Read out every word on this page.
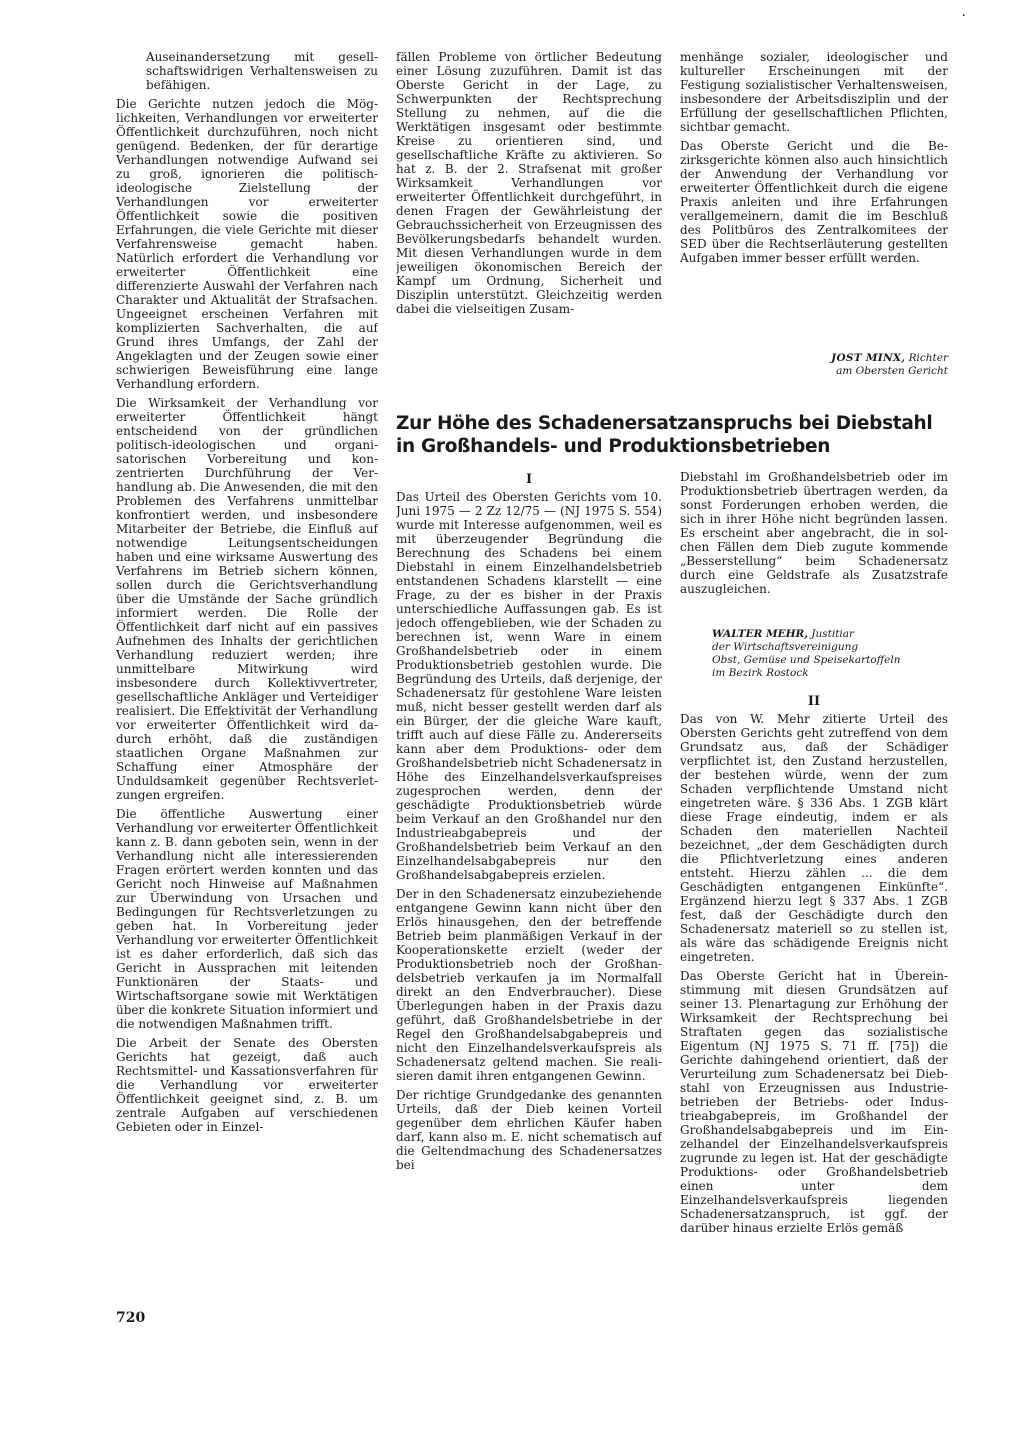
·

Auseinandersetzung mit gesellschaftswidrigen Verhaltensweisen zu befähigen.

Die Gerichte nutzen jedoch die Möglichkeiten, Verhandlungen vor erweiterter Öffentlichkeit durchzuführen, noch nicht genügend. Bedenken, der für derartige Verhandlungen notwendige Aufwand sei zu groß, ignorieren die politisch-ideologische Zielstellung der Verhandlungen vor erweiterter Öffentlichkeit sowie die positiven Erfahrungen, die viele Gerichte mit dieser Verfahrensweise gemacht haben. Natürlich erfordert die Verhandlung vor erweiterter Öffentlichkeit eine differenzierte Auswahl der Verfahren nach Charakter und Aktualität der Strafsachen. Ungeeignet erscheinen Verfahren mit komplizierten Sachverhalten, die auf Grund ihres Umfangs, der Zahl der Angeklagten und der Zeugen sowie einer schwierigen Beweisführung eine lange Verhandlung erfordern.

Die Wirksamkeit der Verhandlung vor erweiterter Öffentlichkeit hängt entscheidend von der gründlichen politisch-ideologischen und organisatorischen Vorbereitung und konzentrierten Durchführung der Verhandlung ab. Die Anwesenden, die mit den Problemen des Verfahrens unmittelbar konfrontiert werden, und insbesondere Mitarbeiter der Betriebe, die Einfluß auf notwendige Leitungsentscheidungen haben und eine wirksame Auswertung des Verfahrens im Betrieb sichern können, sollen durch die Gerichtsverhandlung über die Umstände der Sache gründlich informiert werden. Die Rolle der Öffentlichkeit darf nicht auf ein passives Aufnehmen des Inhalts der gerichtlichen Verhandlung reduziert werden; ihre unmittelbare Mitwirkung wird insbesondere durch Kollektivvertreter, gesellschaftliche Ankläger und Verteidiger realisiert. Die Effektivität der Verhandlung vor erweiterter Öffentlichkeit wird dadurch erhöht, daß die zuständigen staatlichen Organe Maßnahmen zur Schaffung einer Atmosphäre der Unduldsamkeit gegenüber Rechtsverletzungen ergreifen.

Die öffentliche Auswertung einer Verhandlung vor erweiterter Öffentlichkeit kann z. B. dann geboten sein, wenn in der Verhandlung nicht alle interessierenden Fragen erörtert werden konnten und das Gericht noch Hinweise auf Maßnahmen zur Überwindung von Ursachen und Bedingungen für Rechtsverletzungen zu geben hat. In Vorbereitung jeder Verhandlung vor erweiterter Öffentlichkeit ist es daher erforderlich, daß sich das Gericht in Aussprachen mit leitenden Funktionären der Staats- und Wirtschaftsorgane sowie mit Werktätigen über die konkrete Situation informiert und die notwendigen Maßnahmen trifft.

Die Arbeit der Senate des Obersten Gerichts hat gezeigt, daß auch Rechtsmittel- und Kassationsverfahren für die Verhandlung vor erweiterter Öffentlichkeit geeignet sind, z. B. um zentrale Aufgaben auf verschiedenen Gebieten oder in Einzel-

fällen Probleme von örtlicher Bedeutung einer Lösung zuzuführen. Damit ist das Oberste Gericht in der Lage, zu Schwerpunkten der Rechtsprechung Stellung zu nehmen, auf die die Werktätigen insgesamt oder bestimmte Kreise zu orientieren sind, und gesellschaftliche Kräfte zu aktivieren. So hat z. B. der 2. Strafsenat mit großer Wirksamkeit Verhandlungen vor erweiterter Öffentlichkeit durchgeführt, in denen Fragen der Gewährleistung der Gebrauchssicherheit von Erzeugnissen des Bevölkerungsbedarfs behandelt wurden. Mit diesen Verhandlungen wurde in dem jeweiligen ökonomischen Bereich der Kampf um Ordnung, Sicherheit und Disziplin unterstützt. Gleichzeitig werden dabei die vielseitigen Zusam-

menhänge sozialer, ideologischer und kultureller Erscheinungen mit der Festigung sozialistischer Verhaltensweisen, insbesondere der Arbeitsdisziplin und der Erfüllung der gesellschaftlichen Pflichten, sichtbar gemacht.

Das Oberste Gericht und die Bezirksgerichte können also auch hinsichtlich der Anwendung der Verhandlung vor erweiterter Öffentlichkeit durch die eigene Praxis anleiten und ihre Erfahrungen verallgemeinern, damit die im Beschluß des Politbüros des Zentralkomitees der SED über die Rechtserläuterung gestellten Aufgaben immer besser erfüllt werden.

JOST MINX, Richter
am Obersten Gericht
Zur Höhe des Schadenersatzanspruchs bei Diebstahl in Großhandels- und Produktionsbetrieben
I

Das Urteil des Obersten Gerichts vom 10. Juni 1975 — 2 Zz 12/75 — (NJ 1975 S. 554) wurde mit Interesse aufgenommen, weil es mit überzeugender Begründung die Berechnung des Schadens bei einem Diebstahl in einem Einzelhandelsbetrieb entstandenen Schadens klarstellt — eine Frage, zu der es bisher in der Praxis unterschiedliche Auffassungen gab. Es ist jedoch offengeblieben, wie der Schaden zu berechnen ist, wenn Ware in einem Großhandelsbetrieb oder in einem Produktionsbetrieb gestohlen wurde. Die Begründung des Urteils, daß derjenige, der Schadenersatz für gestohlene Ware leisten muß, nicht besser gestellt werden darf als ein Bürger, der die gleiche Ware kauft, trifft auch auf diese Fälle zu. Andererseits kann aber dem Produktions- oder dem Großhandelsbetrieb nicht Schadenersatz in Höhe des Einzelhandelsverkaufspreises zugesprochen werden, denn der geschädigte Produktionsbetrieb würde beim Verkauf an den Großhandel nur den Industrieabgabepreis und der Großhandelsbetrieb beim Verkauf an den Einzelhandelsabgabepreis nur den Großhandelsabgabepreis erzielen.

Der in den Schadenersatz einzubeziehende entgangene Gewinn kann nicht über den Erlös hinausgehen, den der betreffende Betrieb beim planmäßigen Verkauf in der Kooperationskette erzielt (weder der Produktionsbetrieb noch der Großhandelsbetrieb verkaufen ja im Normalfall direkt an den Endverbraucher). Diese Überlegungen haben in der Praxis dazu geführt, daß Großhandelsbetriebe in der Regel den Großhandelsabgabepreis und nicht den Einzelhandelsverkaufspreis als Schadenersatz geltend machen. Sie realisieren damit ihren entgangenen Gewinn.

Der richtige Grundgedanke des genannten Urteils, daß der Dieb keinen Vorteil gegenüber dem ehrlichen Käufer haben darf, kann also m. E. nicht schematisch auf die Geltendmachung des Schadenersatzes bei

Diebstahl im Großhandelsbetrieb oder im Produktionsbetrieb übertragen werden, da sonst Forderungen erhoben werden, die sich in ihrer Höhe nicht begründen lassen. Es erscheint aber angebracht, die in solchen Fällen dem Dieb zugute kommende „Besserstellung“ beim Schadenersatz durch eine Geldstrafe als Zusatzstrafe auszugleichen.

WALTER MEHR, Justitiar
der Wirtschaftsvereinigung
Obst, Gemüse und Speisekartoffeln
im Bezirk Rostock
II

Das von W. Mehr zitierte Urteil des Obersten Gerichts geht zutreffend von dem Grundsatz aus, daß der Schädiger verpflichtet ist, den Zustand herzustellen, der bestehen würde, wenn der zum Schaden verpflichtende Umstand nicht eingetreten wäre. § 336 Abs. 1 ZGB klärt diese Frage eindeutig, indem er als Schaden den materiellen Nachteil bezeichnet, „der dem Geschädigten durch die Pflichtverletzung eines anderen entsteht. Hierzu zählen ... die dem Geschädigten entgangenen Einkünfte“. Ergänzend hierzu legt § 337 Abs. 1 ZGB fest, daß der Geschädigte durch den Schadenersatz materiell so zu stellen ist, als wäre das schädigende Ereignis nicht eingetreten.

Das Oberste Gericht hat in Übereinstimmung mit diesen Grundsätzen auf seiner 13. Plenartagung zur Erhöhung der Wirksamkeit der Rechtsprechung bei Straftaten gegen das sozialistische Eigentum (NJ 1975 S. 71 ff. [75]) die Gerichte dahingehend orientiert, daß der Verurteilung zum Schadenersatz bei Diebstahl von Erzeugnissen aus Industriebetrieben der Betriebs- oder Industrieabgabepreis, im Großhandel der Großhandelsabgabepreis und im Einzelhandel der Einzelhandelsverkaufspreis zugrunde zu legen ist. Hat der geschädigte Produktions- oder Großhandelsbetrieb einen unter dem Einzelhandelsverkaufspreis liegenden Schadenersatzanspruch, ist ggf. der darüber hinaus erzielte Erlös gemäß

720
